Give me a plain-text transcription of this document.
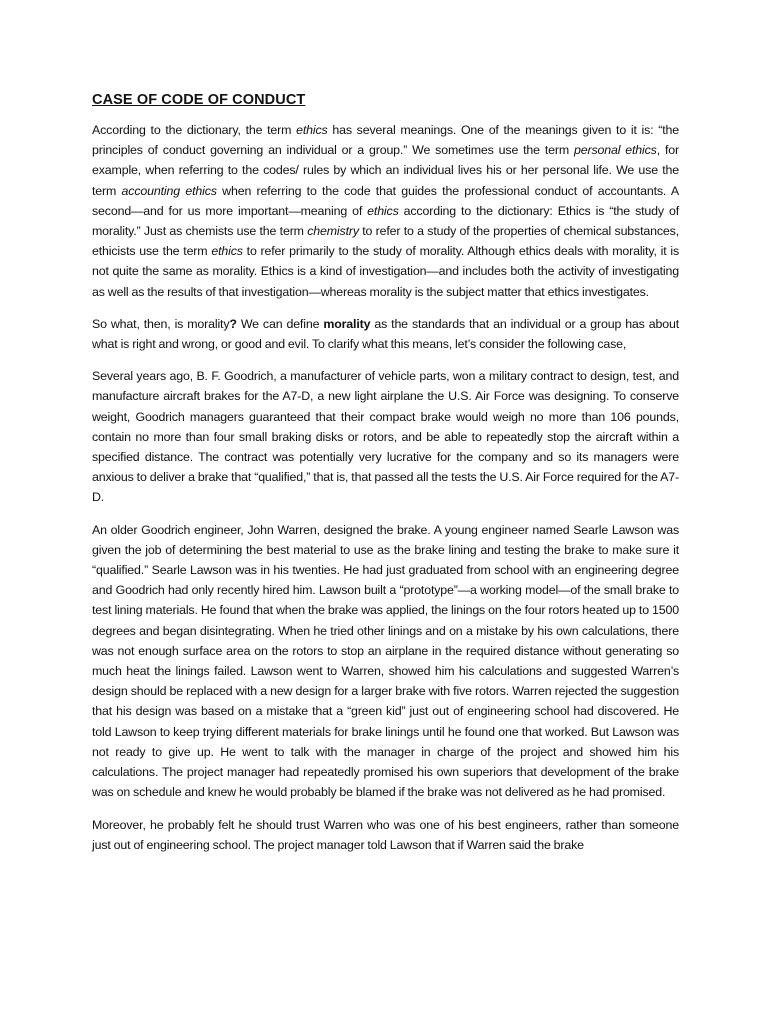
CASE OF CODE OF CONDUCT

According to the dictionary, the term ethics has several meanings. One of the meanings given to it is: “the principles of conduct governing an individual or a group.” We sometimes use the term personal ethics, for example, when referring to the codes/ rules by which an individual lives his or her personal life. We use the term accounting ethics when referring to the code that guides the professional conduct of accountants. A second—and for us more important—meaning of ethics according to the dictionary: Ethics is “the study of morality.” Just as chemists use the term chemistry to refer to a study of the properties of chemical substances, ethicists use the term ethics to refer primarily to the study of morality. Although ethics deals with morality, it is not quite the same as morality. Ethics is a kind of investigation—and includes both the activity of investigating as well as the results of that investigation—whereas morality is the subject matter that ethics investigates.

So what, then, is morality? We can define morality as the standards that an individual or a group has about what is right and wrong, or good and evil. To clarify what this means, let’s consider the following case,

Several years ago, B. F. Goodrich, a manufacturer of vehicle parts, won a military contract to design, test, and manufacture aircraft brakes for the A7-D, a new light airplane the U.S. Air Force was designing. To conserve weight, Goodrich managers guaranteed that their compact brake would weigh no more than 106 pounds, contain no more than four small braking disks or rotors, and be able to repeatedly stop the aircraft within a specified distance. The contract was potentially very lucrative for the company and so its managers were anxious to deliver a brake that “qualified,” that is, that passed all the tests the U.S. Air Force required for the A7-D.

An older Goodrich engineer, John Warren, designed the brake. A young engineer named Searle Lawson was given the job of determining the best material to use as the brake lining and testing the brake to make sure it “qualified.” Searle Lawson was in his twenties. He had just graduated from school with an engineering degree and Goodrich had only recently hired him. Lawson built a “prototype”—a working model—of the small brake to test lining materials. He found that when the brake was applied, the linings on the four rotors heated up to 1500 degrees and began disintegrating. When he tried other linings and on a mistake by his own calculations, there was not enough surface area on the rotors to stop an airplane in the required distance without generating so much heat the linings failed. Lawson went to Warren, showed him his calculations and suggested Warren’s design should be replaced with a new design for a larger brake with five rotors. Warren rejected the suggestion that his design was based on a mistake that a “green kid” just out of engineering school had discovered. He told Lawson to keep trying different materials for brake linings until he found one that worked. But Lawson was not ready to give up. He went to talk with the manager in charge of the project and showed him his calculations. The project manager had repeatedly promised his own superiors that development of the brake was on schedule and knew he would probably be blamed if the brake was not delivered as he had promised.

Moreover, he probably felt he should trust Warren who was one of his best engineers, rather than someone just out of engineering school. The project manager told Lawson that if Warren said the brake
